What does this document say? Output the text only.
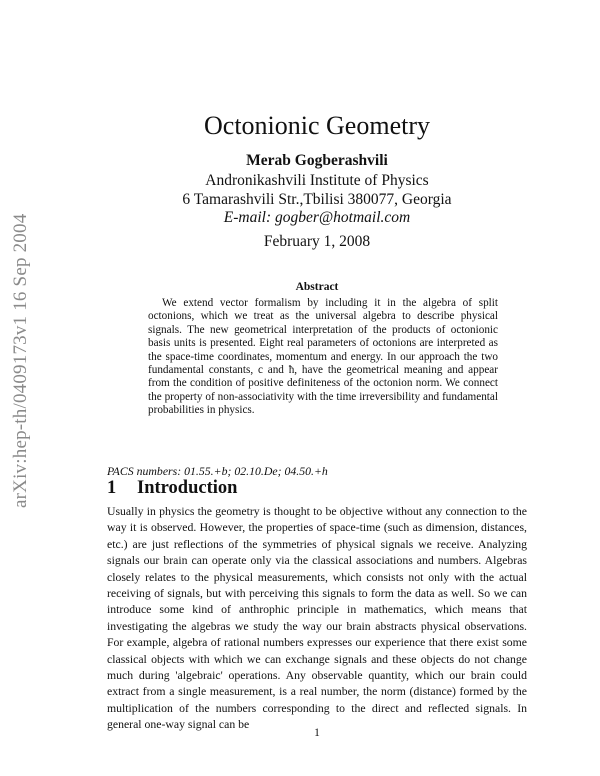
arXiv:hep-th/0409173v1 16 Sep 2004
Octonionic Geometry
Merab Gogberashvili
Andronikashvili Institute of Physics
6 Tamarashvili Str.,Tbilisi 380077, Georgia
E-mail: gogber@hotmail.com
February 1, 2008
Abstract

We extend vector formalism by including it in the algebra of split octonions, which we treat as the universal algebra to describe physical signals. The new geometrical interpretation of the products of octonionic basis units is presented. Eight real parameters of octonions are interpreted as the space-time coordinates, momentum and energy. In our approach the two fundamental constants, c and ħ, have the geometrical meaning and appear from the condition of positive definiteness of the octonion norm. We connect the property of non-associativity with the time irreversibility and fundamental probabilities in physics.

PACS numbers: 01.55.+b; 02.10.De; 04.50.+h
1 Introduction

Usually in physics the geometry is thought to be objective without any connection to the way it is observed. However, the properties of space-time (such as dimension, distances, etc.) are just reflections of the symmetries of physical signals we receive. Analyzing signals our brain can operate only via the classical associations and numbers. Algebras closely relates to the physical measurements, which consists not only with the actual receiving of signals, but with perceiving this signals to form the data as well. So we can introduce some kind of anthrophic principle in mathematics, which means that investigating the algebras we study the way our brain abstracts physical observations. For example, algebra of rational numbers expresses our experience that there exist some classical objects with which we can exchange signals and these objects do not change much during 'algebraic' operations. Any observable quantity, which our brain could extract from a single measurement, is a real number, the norm (distance) formed by the multiplication of the numbers corresponding to the direct and reflected signals. In general one-way signal can be

1
